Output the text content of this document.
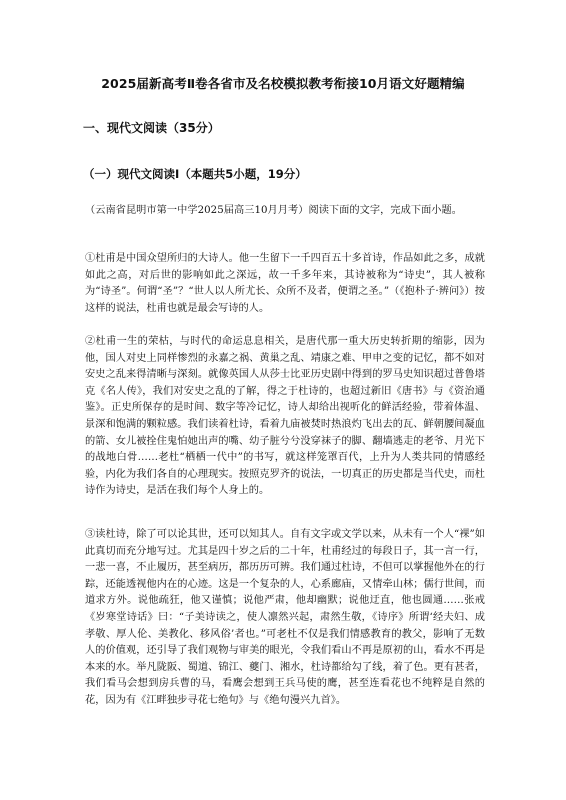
2025届新高考Ⅱ卷各省市及名校模拟教考衔接10月语文好题精编
一、现代文阅读（35分）
（一）现代文阅读Ⅰ（本题共5小题，19分）

（云南省昆明市第一中学2025届高三10月月考）阅读下面的文字，完成下面小题。

①杜甫是中国众望所归的大诗人。他一生留下一千四百五十多首诗，作品如此之多，成就如此之高，对后世的影响如此之深远，故一千多年来，其诗被称为“诗史”，其人被称为“诗圣”。何谓“圣”？“世人以人所尤长、众所不及者，便谓之圣。”（《抱朴子·辨问》）按这样的说法，杜甫也就是最会写诗的人。

②杜甫一生的荣枯，与时代的命运息息相关，是唐代那一重大历史转折期的缩影，因为他，国人对史上同样惨烈的永嘉之祸、黄巢之乱、靖康之难、甲申之变的记忆，都不如对安史之乱来得清晰与深刻。就像英国人从莎士比亚历史剧中得到的罗马史知识超过普鲁塔克《名人传》，我们对安史之乱的了解，得之于杜诗的，也超过新旧《唐书》与《资治通鉴》。正史所保存的是时间、数字等冷记忆，诗人却给出视听化的鲜活经验，带着体温、景深和饱满的颗粒感。我们读着杜诗，看着九庙被焚时热浪灼飞出去的瓦、鲜朝腰间凝血的箭、女儿被拴住鬼怕她出声的嘴、幼子脏兮兮没穿袜子的脚、翻墙逃走的老爷、月光下的战地白骨……老杜“栖栖一代中”的书写，就这样笼罩百代，上升为人类共同的情感经验，内化为我们各自的心理现实。按照克罗齐的说法，一切真正的历史都是当代史，而杜诗作为诗史，是活在我们每个人身上的。

③读杜诗，除了可以论其世，还可以知其人。自有文字或文学以来，从未有一个人“裸”如此真切而充分地写过。尤其是四十岁之后的二十年，杜甫经过的每段日子，其一言一行，一悲一喜，不止履历，甚至病历，都历历可辨。我们通过杜诗，不但可以掌握他外在的行踪，还能透视他内在的心迹。这是一个复杂的人，心系廊庙，又情牵山林；儒行世间，而道求方外。说他疏狂，他又谨慎；说他严肃，他却幽默；说他迂直，他也圆通……张戒《岁寒堂诗话》曰：“子美诗读之，使人凛然兴起，肃然生敬，《诗序》所谓‘经夫妇、成孝敬、厚人伦、美教化、移风俗’者也。”可老杜不仅是我们情感教育的教父，影响了无数人的价值观，还引导了我们观物与审美的眼光，令我们看山不再是原初的山，看水不再是本来的水。举凡陇阪、蜀道、锦江、夔门、湘水，杜诗都给勾了线，着了色。更有甚者，我们看马会想到房兵曹的马，看鹰会想到王兵马使的鹰，甚至连看花也不纯粹是自然的花，因为有《江畔独步寻花七绝句》与《绝句漫兴九首》。
